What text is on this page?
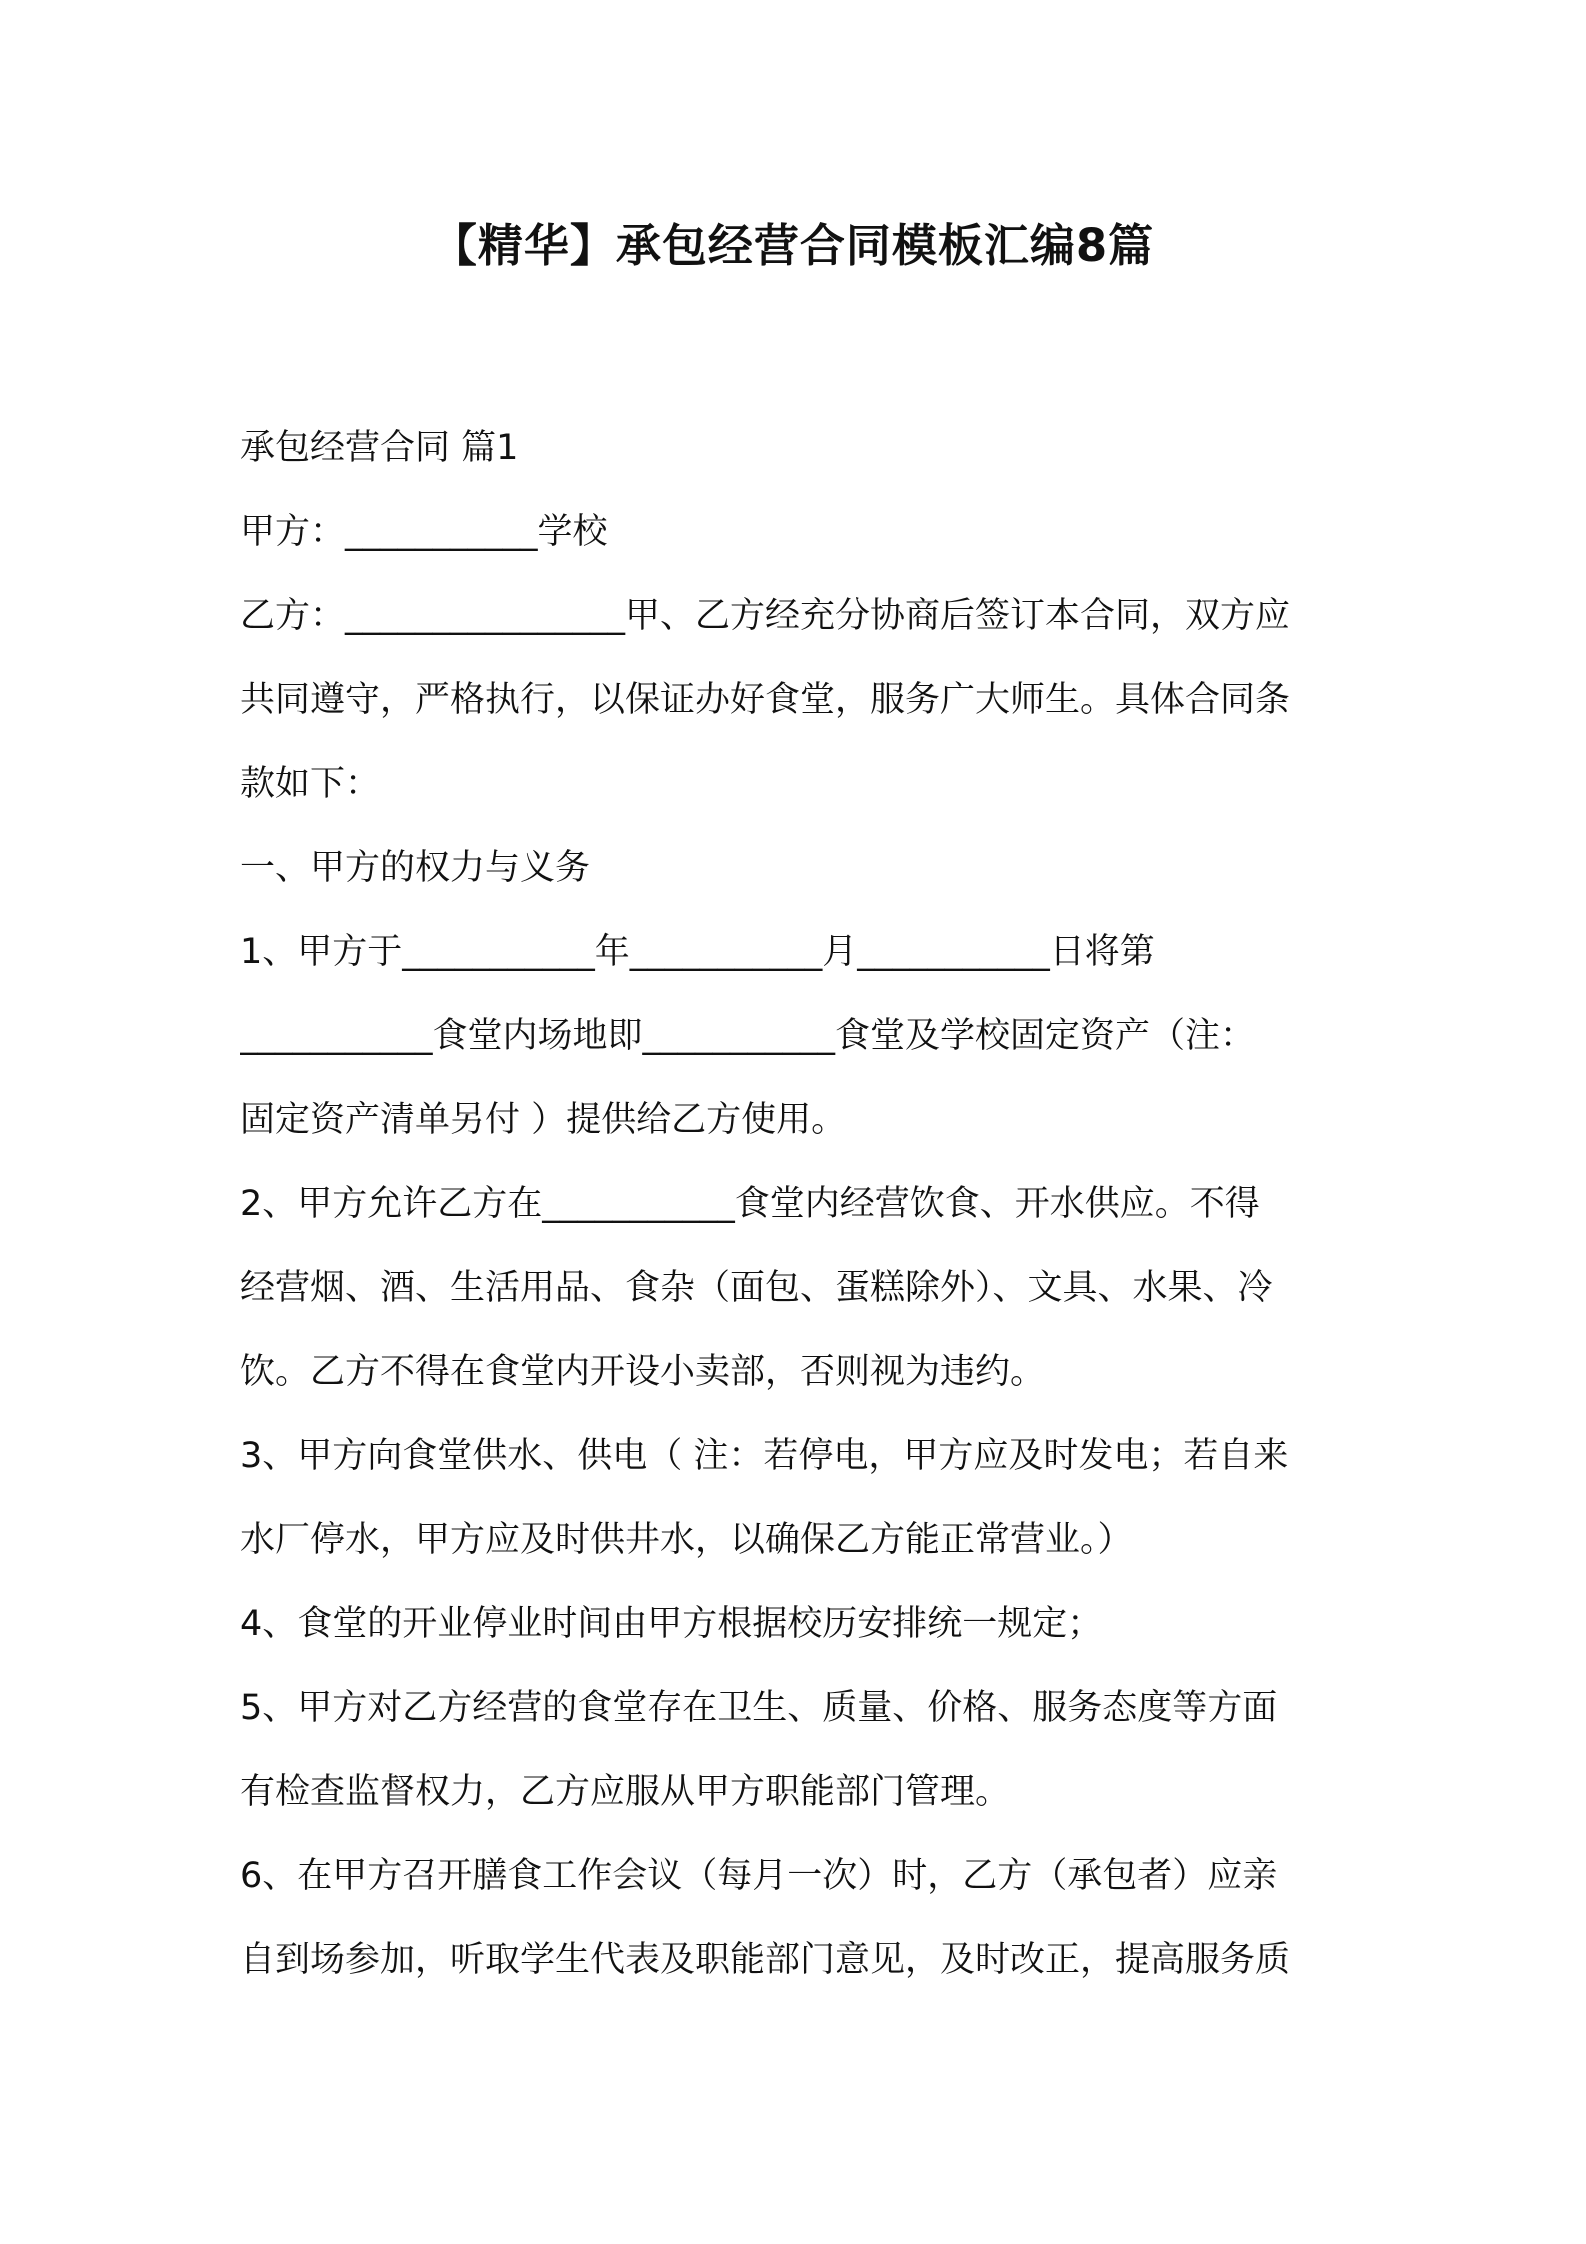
【精华】承包经营合同模板汇编8篇
承包经营合同 篇1
甲方：___________学校
乙方：________________甲、乙方经充分协商后签订本合同，双方应
共同遵守，严格执行，以保证办好食堂，服务广大师生。具体合同条
款如下：
一、甲方的权力与义务
1、甲方于___________年___________月___________日将第
___________食堂内场地即___________食堂及学校固定资产（注：
固定资产清单另付 ）提供给乙方使用。
2、甲方允许乙方在___________食堂内经营饮食、开水供应。不得
经营烟、酒、生活用品、食杂（面包、蛋糕除外）、文具、水果、冷
饮。乙方不得在食堂内开设小卖部，否则视为违约。
3、甲方向食堂供水、供电（ 注：若停电，甲方应及时发电；若自来
水厂停水，甲方应及时供井水，以确保乙方能正常营业。）
4、食堂的开业停业时间由甲方根据校历安排统一规定；
5、甲方对乙方经营的食堂存在卫生、质量、价格、服务态度等方面
有检查监督权力，乙方应服从甲方职能部门管理。
6、在甲方召开膳食工作会议（每月一次）时，乙方（承包者）应亲
自到场参加，听取学生代表及职能部门意见，及时改正，提高服务质
